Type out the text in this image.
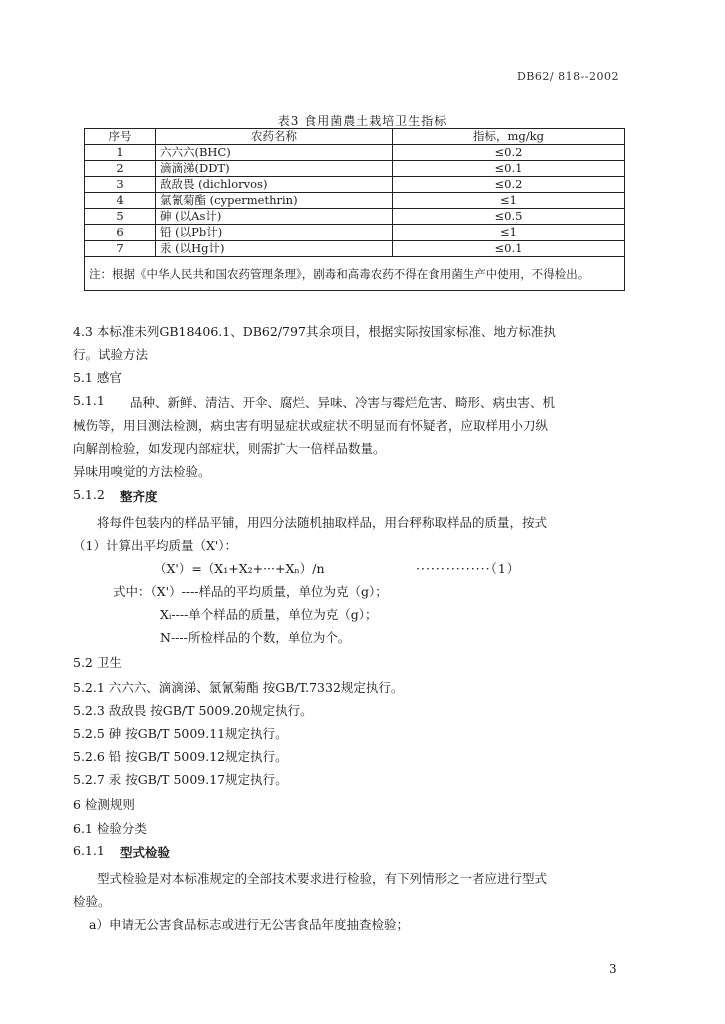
DB62/ 818--2002
表3 食用菌農土栽培卫生指标
序号	农药名称	指标，mg/kg
1	六六六(BHC)	≤0.2
2	滴滴涕(DDT)	≤0.1
3	敌敌畏 (dichlorvos)	≤0.2
4	氯氰菊酯 (cypermethrin)	≤1
5	砷 (以As计)	≤0.5
6	铅 (以Pb计)	≤1
7	汞 (以Hg计)	≤0.1
注：根据《中华人民共和国农药管理条理》，剧毒和高毒农药不得在食用菌生产中使用，不得检出。		
4.3 本标准未列GB18406.1、DB62/797其余项目，根据实际按国家标准、地方标准执
行。试验方法
5.1 感官
5.1.1 品种、新鲜、清洁、开伞、腐烂、异味、冷害与霉烂危害、畸形、病虫害、机
械伤等，用目测法检测，病虫害有明显症状或症状不明显而有怀疑者，应取样用小刀纵
向解剖检验，如发现内部症状，则需扩大一倍样品数量。
异味用嗅觉的方法检验。
5.1.2 整齐度
将每件包装内的样品平铺，用四分法随机抽取样品，用台秤称取样品的质量，按式
（1）计算出平均质量（X'）：
（X'）=（X₁+X₂+···+Xₙ）/n	···············（1）
式中：（X'）----样品的平均质量，单位为克（g）；
Xᵢ----单个样品的质量，单位为克（g）；
N----所检样品的个数，单位为个。
5.2 卫生
5.2.1 六六六、滴滴涕、氯氰菊酯 按GB/T.7332规定执行。
5.2.3 敌敌畏 按GB/T 5009.20规定执行。
5.2.5 砷 按GB/T 5009.11规定执行。
5.2.6 铅 按GB/T 5009.12规定执行。
5.2.7 汞 按GB/T 5009.17规定执行。
6 检测规则
6.1 检验分类
6.1.1 型式检验
型式检验是对本标准规定的全部技术要求进行检验，有下列情形之一者应进行型式
检验。
a）申请无公害食品标志或进行无公害食品年度抽查检验；
3
